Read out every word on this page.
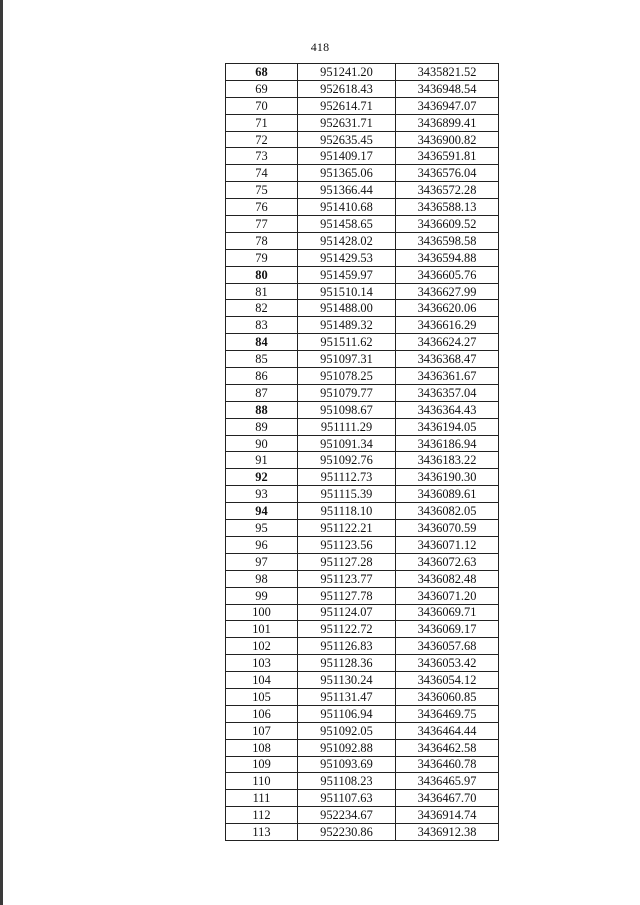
418
68	951241.20	3435821.52
69	952618.43	3436948.54
70	952614.71	3436947.07
71	952631.71	3436899.41
72	952635.45	3436900.82
73	951409.17	3436591.81
74	951365.06	3436576.04
75	951366.44	3436572.28
76	951410.68	3436588.13
77	951458.65	3436609.52
78	951428.02	3436598.58
79	951429.53	3436594.88
80	951459.97	3436605.76
81	951510.14	3436627.99
82	951488.00	3436620.06
83	951489.32	3436616.29
84	951511.62	3436624.27
85	951097.31	3436368.47
86	951078.25	3436361.67
87	951079.77	3436357.04
88	951098.67	3436364.43
89	951111.29	3436194.05
90	951091.34	3436186.94
91	951092.76	3436183.22
92	951112.73	3436190.30
93	951115.39	3436089.61
94	951118.10	3436082.05
95	951122.21	3436070.59
96	951123.56	3436071.12
97	951127.28	3436072.63
98	951123.77	3436082.48
99	951127.78	3436071.20
100	951124.07	3436069.71
101	951122.72	3436069.17
102	951126.83	3436057.68
103	951128.36	3436053.42
104	951130.24	3436054.12
105	951131.47	3436060.85
106	951106.94	3436469.75
107	951092.05	3436464.44
108	951092.88	3436462.58
109	951093.69	3436460.78
110	951108.23	3436465.97
111	951107.63	3436467.70
112	952234.67	3436914.74
113	952230.86	3436912.38
